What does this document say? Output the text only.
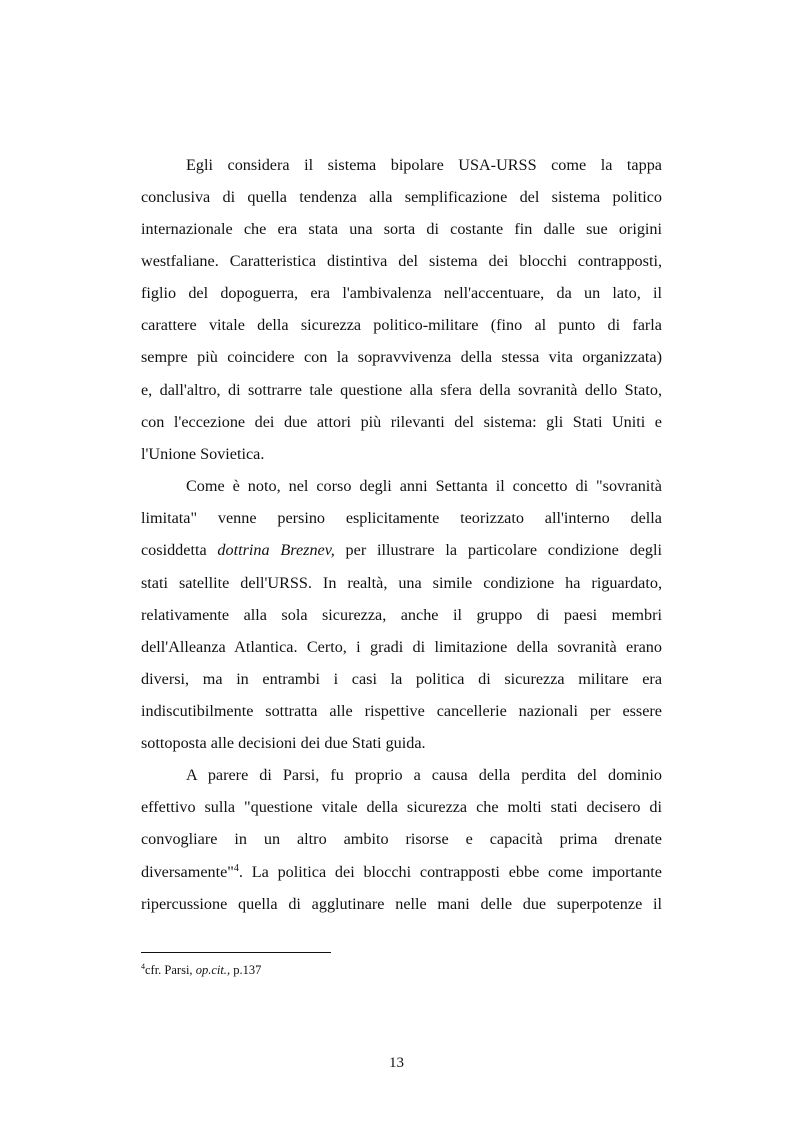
Egli considera il sistema bipolare USA-URSS come la tappa
conclusiva di quella tendenza alla semplificazione del sistema politico
internazionale che era stata una sorta di costante fin dalle sue origini
westfaliane. Caratteristica distintiva del sistema dei blocchi contrapposti,
figlio del dopoguerra, era l'ambivalenza nell'accentuare, da un lato, il
carattere vitale della sicurezza politico-militare (fino al punto di farla
sempre più coincidere con la sopravvivenza della stessa vita organizzata)
e, dall'altro, di sottrarre tale questione alla sfera della sovranità dello Stato,
con l'eccezione dei due attori più rilevanti del sistema: gli Stati Uniti e
l'Unione Sovietica.
Come è noto, nel corso degli anni Settanta il concetto di "sovranità
limitata" venne persino esplicitamente teorizzato all'interno della
cosiddetta dottrina Breznev, per illustrare la particolare condizione degli
stati satellite dell'URSS. In realtà, una simile condizione ha riguardato,
relativamente alla sola sicurezza, anche il gruppo di paesi membri
dell'Alleanza Atlantica. Certo, i gradi di limitazione della sovranità erano
diversi, ma in entrambi i casi la politica di sicurezza militare era
indiscutibilmente sottratta alle rispettive cancellerie nazionali per essere
sottoposta alle decisioni dei due Stati guida.
A parere di Parsi, fu proprio a causa della perdita del dominio
effettivo sulla "questione vitale della sicurezza che molti stati decisero di
convogliare in un altro ambito risorse e capacità prima drenate
diversamente"$^4$. La politica dei blocchi contrapposti ebbe come importante
ripercussione quella di agglutinare nelle mani delle due superpotenze il
$^4$cfr. Parsi, op.cit., p.137
13
